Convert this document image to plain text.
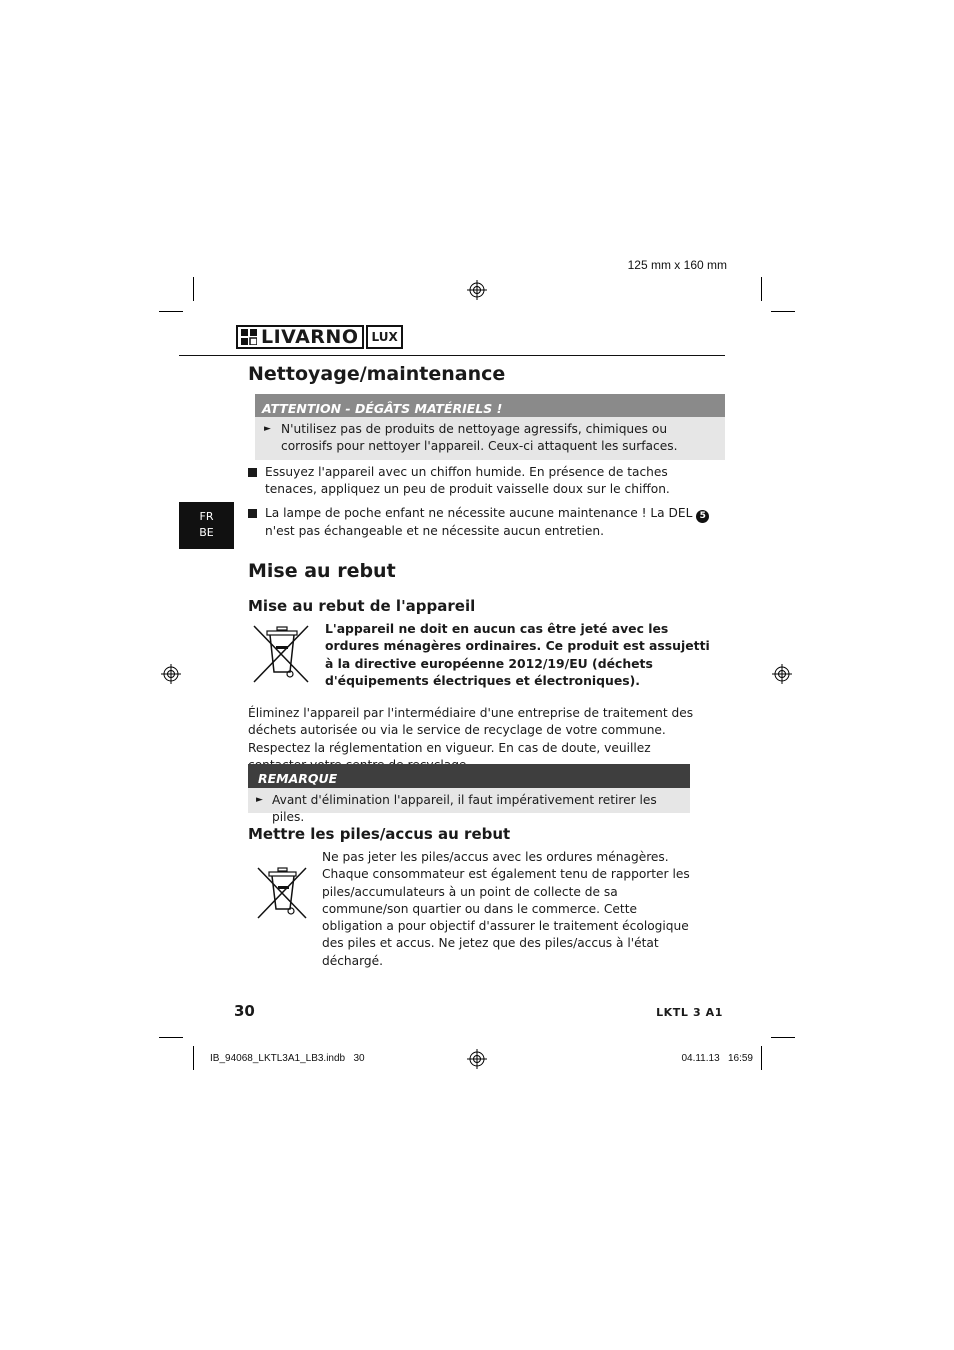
125 mm x 160 mm
LIVARNO LUX
FR
BE
Nettoyage/maintenance
ATTENTION - DÉGÂTS MATÉRIELS !
► N'utilisez pas de produits de nettoyage agressifs, chimiques ou corrosifs pour nettoyer l'appareil. Ceux-ci attaquent les surfaces.
Essuyez l'appareil avec un chiffon humide. En présence de taches tenaces, appliquez un peu de produit vaisselle doux sur le chiffon.
La lampe de poche enfant ne nécessite aucune maintenance ! La DEL 5 n'est pas échangeable et ne nécessite aucun entretien.
Mise au rebut
Mise au rebut de l'appareil
L'appareil ne doit en aucun cas être jeté avec les ordures ménagères ordinaires. Ce produit est assujetti à la directive européenne 2012/19/EU (déchets d'équipements électriques et électroniques).
Éliminez l'appareil par l'intermédiaire d'une entreprise de traitement des déchets autorisée ou via le service de recyclage de votre commune. Respectez la réglementation en vigueur. En cas de doute, veuillez
REMARQUE
► Avant d'élimination l'appareil, il faut impérativement retirer les piles.
Mettre les piles/accus au rebut
Ne pas jeter les piles/accus avec les ordures ménagères. Chaque consommateur est également tenu de rapporter les piles/accumulateurs à un point de collecte de sa commune/son quartier ou dans le commerce. Cette obligation a pour objectif d'assurer le traitement écologique des piles et accus. Ne jetez que des piles/accus à l'état déchargé.
30	LKTL 3 A1
IB_94068_LKTL3A1_LB3.indb   30	04.11.13   16:59
